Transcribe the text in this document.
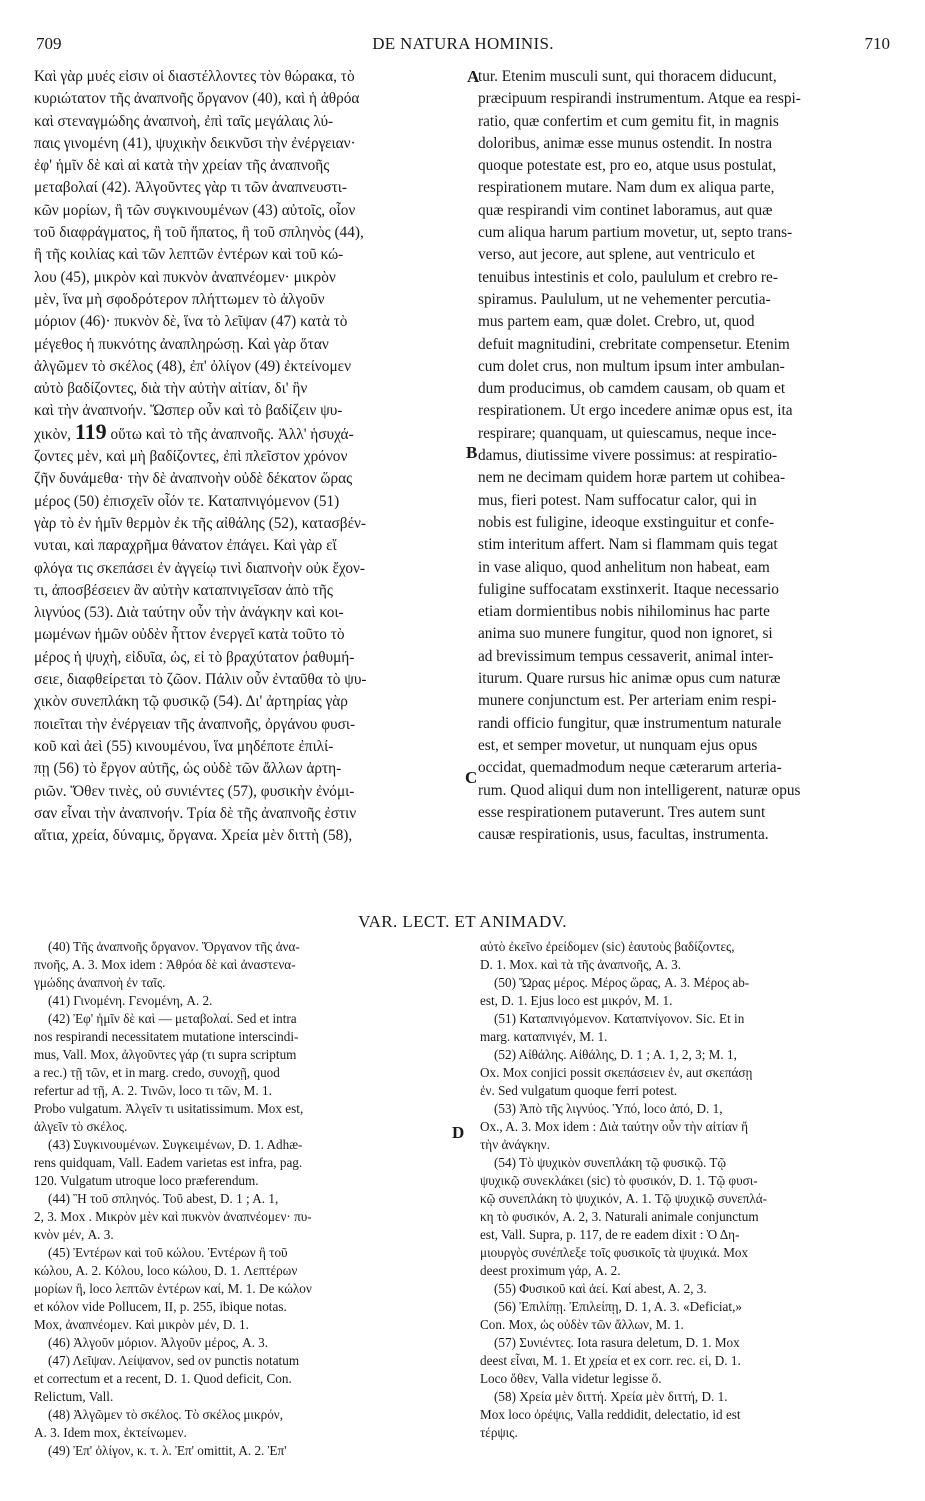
709	DE NATURA HOMINIS.	710
Καὶ γὰρ μυές εἰσιν οἱ διαστέλλοντες τὸν θώρακα, τὸ
κυριώτατον τῆς ἀναπνοῆς ὄργανον (40), καὶ ἡ ἀθρόα
καὶ στεναγμώδης ἀναπνοὴ, ἐπὶ ταῖς μεγάλαις λύ-
παις γινομένη (41), ψυχικὴν δεικνῦσι τὴν ἐνέργειαν·
ἐφ' ἡμῖν δὲ καὶ αἱ κατὰ τὴν χρείαν τῆς ἀναπνοῆς
μεταβολαί (42). Ἀλγοῦντες γὰρ τι τῶν ἀναπνευστι-
κῶν μορίων, ἢ τῶν συγκινουμένων (43) αὐτοῖς, οἷον
τοῦ διαφράγματος, ἢ τοῦ ἥπατος, ἢ τοῦ σπληνὸς (44),
ἢ τῆς κοιλίας καὶ τῶν λεπτῶν ἐντέρων καὶ τοῦ κώ-
λου (45), μικρὸν καὶ πυκνὸν ἀναπνέομεν· μικρὸν
μὲν, ἵνα μὴ σφοδρότερον πλήττωμεν τὸ ἀλγοῦν
μόριον (46)· πυκνὸν δὲ, ἵνα τὸ λεῖψαν (47) κατὰ τὸ
μέγεθος ἡ πυκνότης ἀναπληρώσῃ. Καὶ γὰρ ὅταν
ἀλγῶμεν τὸ σκέλος (48), ἐπ' ὀλίγον (49) ἐκτείνομεν
αὐτὸ βαδίζοντες, διὰ τὴν αὐτὴν αἰτίαν, δι' ἣν
καὶ τὴν ἀναπνοήν. Ὥσπερ οὖν καὶ τὸ βαδίζειν ψυ-
χικὸν, 119 οὕτω καὶ τὸ τῆς ἀναπνοῆς. Ἀλλ' ἡσυχά-
ζοντες μὲν, καὶ μὴ βαδίζοντες, ἐπὶ πλεῖστον χρόνον
ζῆν δυνάμεθα· τὴν δὲ ἀναπνοὴν οὐδὲ δέκατον ὥρας
μέρος (50) ἐπισχεῖν οἷόν τε. Καταπνιγόμενον (51)
γὰρ τὸ ἐν ἡμῖν θερμὸν ἐκ τῆς αἰθάλης (52), κατασβέν-
νυται, καὶ παραχρῆμα θάνατον ἐπάγει. Καὶ γὰρ εἴ
φλόγα τις σκεπάσει ἐν ἀγγείῳ τινὶ διαπνοὴν οὐκ ἔχον-
τι, ἀποσβέσειεν ἂν αὐτὴν καταπνιγεῖσαν ἀπὸ τῆς
λιγνύος (53). Διὰ ταύτην οὖν τὴν ἀνάγκην καὶ κοι-
μωμένων ἡμῶν οὐδὲν ἧττον ἐνεργεῖ κατὰ τοῦτο τὸ
μέρος ἡ ψυχὴ, εἰδυῖα, ὡς, εἰ τὸ βραχύτατον ῥαθυμή-
σειε, διαφθείρεται τὸ ζῶον. Πάλιν οὖν ἐνταῦθα τὸ ψυ-
χικὸν συνεπλάκη τῷ φυσικῷ (54). Δι' ἀρτηρίας γὰρ
ποιεῖται τὴν ἐνέργειαν τῆς ἀναπνοῆς, ὀργάνου φυσι-
κοῦ καὶ ἀεὶ (55) κινουμένου, ἵνα μηδέποτε ἐπιλί-
πῃ (56) τὸ ἔργον αὐτῆς, ὡς οὐδὲ τῶν ἄλλων ἀρτη-
ριῶν. Ὅθεν τινὲς, οὐ συνιέντες (57), φυσικὴν ἐνόμι-
σαν εἶναι τὴν ἀναπνοήν. Τρία δὲ τῆς ἀναπνοῆς ἐστιν
αἴτια, χρεία, δύναμις, ὄργανα. Χρεία μὲν διττὴ (58),
tur. Etenim musculi sunt, qui thoracem diducunt,
præcipuum respirandi instrumentum. Atque ea respi-
ratio, quæ confertim et cum gemitu fit, in magnis
doloribus, animæ esse munus ostendit. In nostra
quoque potestate est, pro eo, atque usus postulat,
respirationem mutare. Nam dum ex aliqua parte,
quæ respirandi vim continet laboramus, aut quæ
cum aliqua harum partium movetur, ut, septo trans-
verso, aut jecore, aut splene, aut ventriculo et
tenuibus intestinis et colo, paululum et crebro re-
spiramus. Paululum, ut ne vehementer percutia-
mus partem eam, quæ dolet. Crebro, ut, quod
defuit magnitudini, crebritate compensetur. Etenim
cum dolet crus, non multum ipsum inter ambulan-
dum producimus, ob camdem causam, ob quam et
respirationem. Ut ergo incedere animæ opus est, ita
respirare; quanquam, ut quiescamus, neque ince-
damus, diutissime vivere possimus: at respiratio-
nem ne decimam quidem horæ partem ut cohibea-
mus, fieri potest. Nam suffocatur calor, qui in
nobis est fuligine, ideoque exstinguitur et confe-
stim interitum affert. Nam si flammam quis tegat
in vase aliquo, quod anhelitum non habeat, eam
fuligine suffocatam exstinxerit. Itaque necessario
etiam dormientibus nobis nihilominus hac parte
anima suo munere fungitur, quod non ignoret, si
ad brevissimum tempus cessaverit, animal inter-
iturum. Quare rursus hic animæ opus cum naturæ
munere conjunctum est. Per arteriam enim respi-
randi officio fungitur, quæ instrumentum naturale
est, et semper movetur, ut nunquam ejus opus
occidat, quemadmodum neque cæterarum arteria-
rum. Quod aliqui dum non intelligerent, naturæ opus
esse respirationem putaverunt. Tres autem sunt
causæ respirationis, usus, facultas, instrumenta.
A
B
C
D
VAR. LECT. ET ANIMADV.
(40) Τῆς ἀναπνοῆς ὄργανον. Ὄργανον τῆς ἀνα-
πνοῆς, A. 3. Mox idem : Ἀθρόα δὲ καὶ ἀναστενα-
γμώδης ἀναπνοὴ ἐν ταῖς.
(41) Γινομένη. Γενομένη, A. 2.
(42) Ἐφ' ἡμῖν δὲ καὶ — μεταβολαί. Sed et intra
nos respirandi necessitatem mutatione interscindi-
mus, Vall. Mox, ἀλγοῦντες γάρ (τι supra scriptum
a rec.) τῇ τῶν, et in marg. credo, συνοχῇ, quod
refertur ad τῇ, A. 2. Τινῶν, loco τι τῶν, M. 1.
Probo vulgatum. Ἀλγεῖν τι usitatissimum. Mox est,
ἀλγεῖν τὸ σκέλος.
(43) Συγκινουμένων. Συγκειμένων, D. 1. Adhæ-
rens quidquam, Vall. Eadem varietas est infra, pag.
120. Vulgatum utroque loco præferendum.
(44) Ἢ τοῦ σπληνός. Τοῦ abest, D. 1 ; A. 1,
2, 3. Mox . Μικρὸν μὲν καὶ πυκνὸν ἀναπνέομεν· πυ-
κνὸν μέν, A. 3.
(45) Ἐντέρων καὶ τοῦ κώλου. Ἐντέρων ἢ τοῦ
κώλου, A. 2. Κόλου, loco κώλου, D. 1. Λεπτέρων
μορίων ἢ, loco λεπτῶν ἐντέρων καί, M. 1. De κώλον
et κόλον vide Pollucem, II, p. 255, ibique notas.
Mox, ἀναπνέομεν. Καὶ μικρὸν μέν, D. 1.
(46) Ἀλγοῦν μόριον. Ἀλγοῦν μέρος, A. 3.
(47) Λεῖψαν. Λείψανον, sed ov punctis notatum
et correctum et a recent, D. 1. Quod deficit, Con.
Relictum, Vall.
(48) Ἀλγῶμεν τὸ σκέλος. Τὸ σκέλος μικρόν,
A. 3. Idem mox, ἐκτείνωμεν.
(49) Ἐπ' ὀλίγον, κ. τ. λ. Ἐπ' omittit, A. 2. Ἐπ'
αὐτὸ ἐκεῖνο ἐρείδομεν (sic) ἑαυτοὺς βαδίζοντες,
D. 1. Mox. καὶ τὰ τῆς ἀναπνοῆς, A. 3.
(50) Ὥρας μέρος. Μέρος ὥρας, A. 3. Μέρος ab-
est, D. 1. Ejus loco est μικρόν, M. 1.
(51) Καταπνιγόμενον. Καταπνίγονον. Sic. Et in
marg. καταπνιγέν, M. 1.
(52) Αἰθάλης. Αἰθάλης, D. 1 ; A. 1, 2, 3; M. 1,
Ox. Mox conjici possit σκεπάσειεν ἐν, aut σκεπάσῃ
ἐν. Sed vulgatum quoque ferri potest.
(53) Ἀπὸ τῆς λιγνύος. Ὑπό, loco ἀπό, D. 1,
Ox., A. 3. Mox idem : Διὰ ταύτην οὖν τὴν αἰτίαν ἤ
τὴν ἀνάγκην.
(54) Τὸ ψυχικὸν συνεπλάκη τῷ φυσικῷ. Τῷ
ψυχικῷ συνεκλάκει (sic) τὸ φυσικόν, D. 1. Τῷ φυσι-
κῷ συνεπλάκη τὸ ψυχικόν, A. 1. Τῷ ψυχικῷ συνεπλά-
κη τὸ φυσικόν, A. 2, 3. Naturali animale conjunctum
est, Vall. Supra, p. 117, de re eadem dixit : Ὁ Δη-
μιουργὸς συνέπλεξε τοῖς φυσικοῖς τὰ ψυχικά. Mox
deest proximum γάρ, A. 2.
(55) Φυσικοῦ καὶ ἀεί. Καί abest, A. 2, 3.
(56) Ἐπιλίπῃ. Ἐπιλείπῃ, D. 1, A. 3. «Deficiat,»
Con. Mox, ὡς οὐδὲν τῶν ἄλλων, M. 1.
(57) Συνιέντες. Iota rasura deletum, D. 1. Mox
deest εἶναι, M. 1. Et χρεία et ex corr. rec. εἰ, D. 1.
Loco ὅθεν, Valla videtur legisse ὅ.
(58) Χρεία μὲν διττή. Χρεία μὲν διττή, D. 1.
Mox loco ὀρέψις, Valla reddidit, delectatio, id est
τέρψις.
